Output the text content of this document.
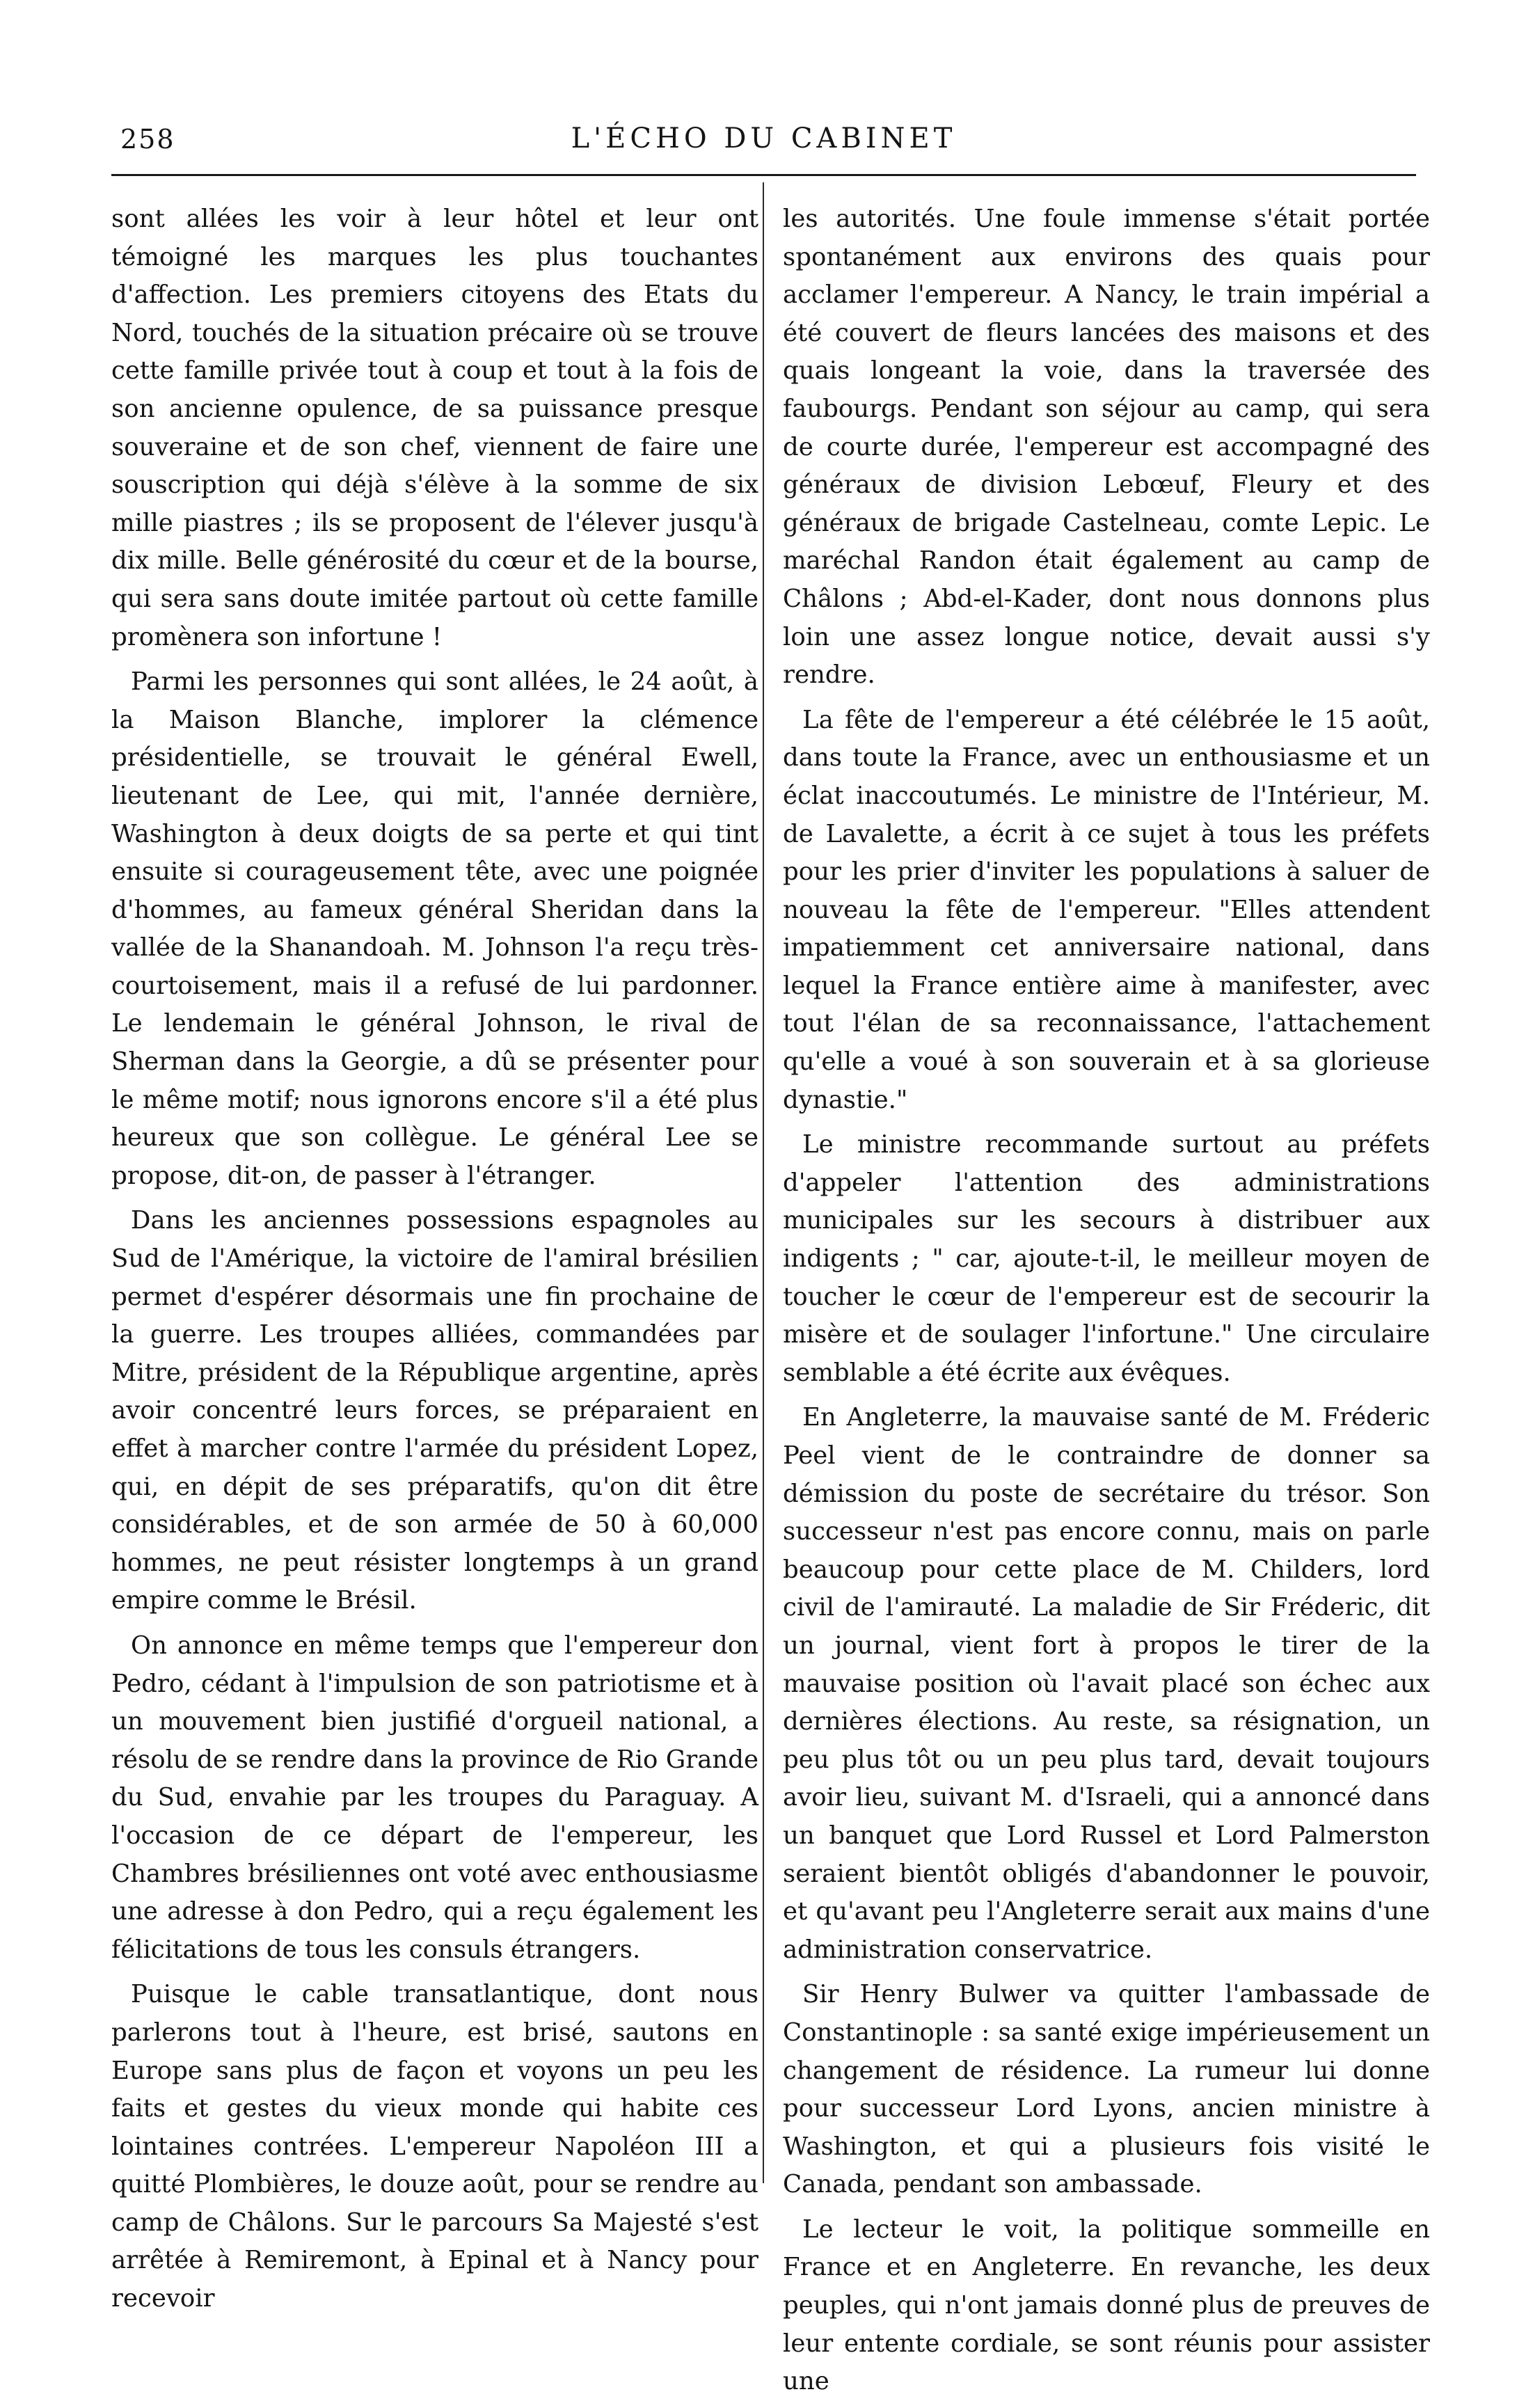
258	L'ÉCHO DU CABINET

sont allées les voir à leur hôtel et leur ont témoigné les marques les plus touchantes d'affection. Les premiers citoyens des Etats du Nord, touchés de la situation précaire où se trouve cette famille privée tout à coup et tout à la fois de son ancienne opulence, de sa puissance presque souveraine et de son chef, viennent de faire une souscription qui déjà s'élève à la somme de six mille piastres ; ils se proposent de l'élever jusqu'à dix mille. Belle générosité du cœur et de la bourse, qui sera sans doute imitée partout où cette famille promènera son infortune !

Parmi les personnes qui sont allées, le 24 août, à la Maison Blanche, implorer la clémence présidentielle, se trouvait le général Ewell, lieutenant de Lee, qui mit, l'année dernière, Washington à deux doigts de sa perte et qui tint ensuite si courageusement tête, avec une poignée d'hommes, au fameux général Sheridan dans la vallée de la Shanandoah. M. Johnson l'a reçu très-courtoisement, mais il a refusé de lui pardonner. Le lendemain le général Johnson, le rival de Sherman dans la Georgie, a dû se présenter pour le même motif; nous ignorons encore s'il a été plus heureux que son collègue. Le général Lee se propose, dit-on, de passer à l'étranger.

Dans les anciennes possessions espagnoles au Sud de l'Amérique, la victoire de l'amiral brésilien permet d'espérer désormais une fin prochaine de la guerre. Les troupes alliées, commandées par Mitre, président de la République argentine, après avoir concentré leurs forces, se préparaient en effet à marcher contre l'armée du président Lopez, qui, en dépit de ses préparatifs, qu'on dit être considérables, et de son armée de 50 à 60,000 hommes, ne peut résister longtemps à un grand empire comme le Brésil.

On annonce en même temps que l'empereur don Pedro, cédant à l'impulsion de son patriotisme et à un mouvement bien justifié d'orgueil national, a résolu de se rendre dans la province de Rio Grande du Sud, envahie par les troupes du Paraguay. A l'occasion de ce départ de l'empereur, les Chambres brésiliennes ont voté avec enthousiasme une adresse à don Pedro, qui a reçu également les félicitations de tous les consuls étrangers.

Puisque le cable transatlantique, dont nous parlerons tout à l'heure, est brisé, sautons en Europe sans plus de façon et voyons un peu les faits et gestes du vieux monde qui habite ces lointaines contrées. L'empereur Napoléon III a quitté Plombières, le douze août, pour se rendre au camp de Châlons. Sur le parcours Sa Majesté s'est arrêtée à Remiremont, à Epinal et à Nancy pour recevoir

les autorités. Une foule immense s'était portée spontanément aux environs des quais pour acclamer l'empereur. A Nancy, le train impérial a été couvert de fleurs lancées des maisons et des quais longeant la voie, dans la traversée des faubourgs. Pendant son séjour au camp, qui sera de courte durée, l'empereur est accompagné des généraux de division Lebœuf, Fleury et des généraux de brigade Castelneau, comte Lepic. Le maréchal Randon était également au camp de Châlons ; Abd-el-Kader, dont nous donnons plus loin une assez longue notice, devait aussi s'y rendre.

La fête de l'empereur a été célébrée le 15 août, dans toute la France, avec un enthousiasme et un éclat inaccoutumés. Le ministre de l'Intérieur, M. de Lavalette, a écrit à ce sujet à tous les préfets pour les prier d'inviter les populations à saluer de nouveau la fête de l'empereur. "Elles attendent impatiemment cet anniversaire national, dans lequel la France entière aime à manifester, avec tout l'élan de sa reconnaissance, l'attachement qu'elle a voué à son souverain et à sa glorieuse dynastie."

Le ministre recommande surtout au préfets d'appeler l'attention des administrations municipales sur les secours à distribuer aux indigents ; " car, ajoute-t-il, le meilleur moyen de toucher le cœur de l'empereur est de secourir la misère et de soulager l'infortune." Une circulaire semblable a été écrite aux évêques.

En Angleterre, la mauvaise santé de M. Fréderic Peel vient de le contraindre de donner sa démission du poste de secrétaire du trésor. Son successeur n'est pas encore connu, mais on parle beaucoup pour cette place de M. Childers, lord civil de l'amirauté. La maladie de Sir Fréderic, dit un journal, vient fort à propos le tirer de la mauvaise position où l'avait placé son échec aux dernières élections. Au reste, sa résignation, un peu plus tôt ou un peu plus tard, devait toujours avoir lieu, suivant M. d'Israeli, qui a annoncé dans un banquet que Lord Russel et Lord Palmerston seraient bientôt obligés d'abandonner le pouvoir, et qu'avant peu l'Angleterre serait aux mains d'une administration conservatrice.

Sir Henry Bulwer va quitter l'ambassade de Constantinople : sa santé exige impérieusement un changement de résidence. La rumeur lui donne pour successeur Lord Lyons, ancien ministre à Washington, et qui a plusieurs fois visité le Canada, pendant son ambassade.

Le lecteur le voit, la politique sommeille en France et en Angleterre. En revanche, les deux peuples, qui n'ont jamais donné plus de preuves de leur entente cordiale, se sont réunis pour assister une
